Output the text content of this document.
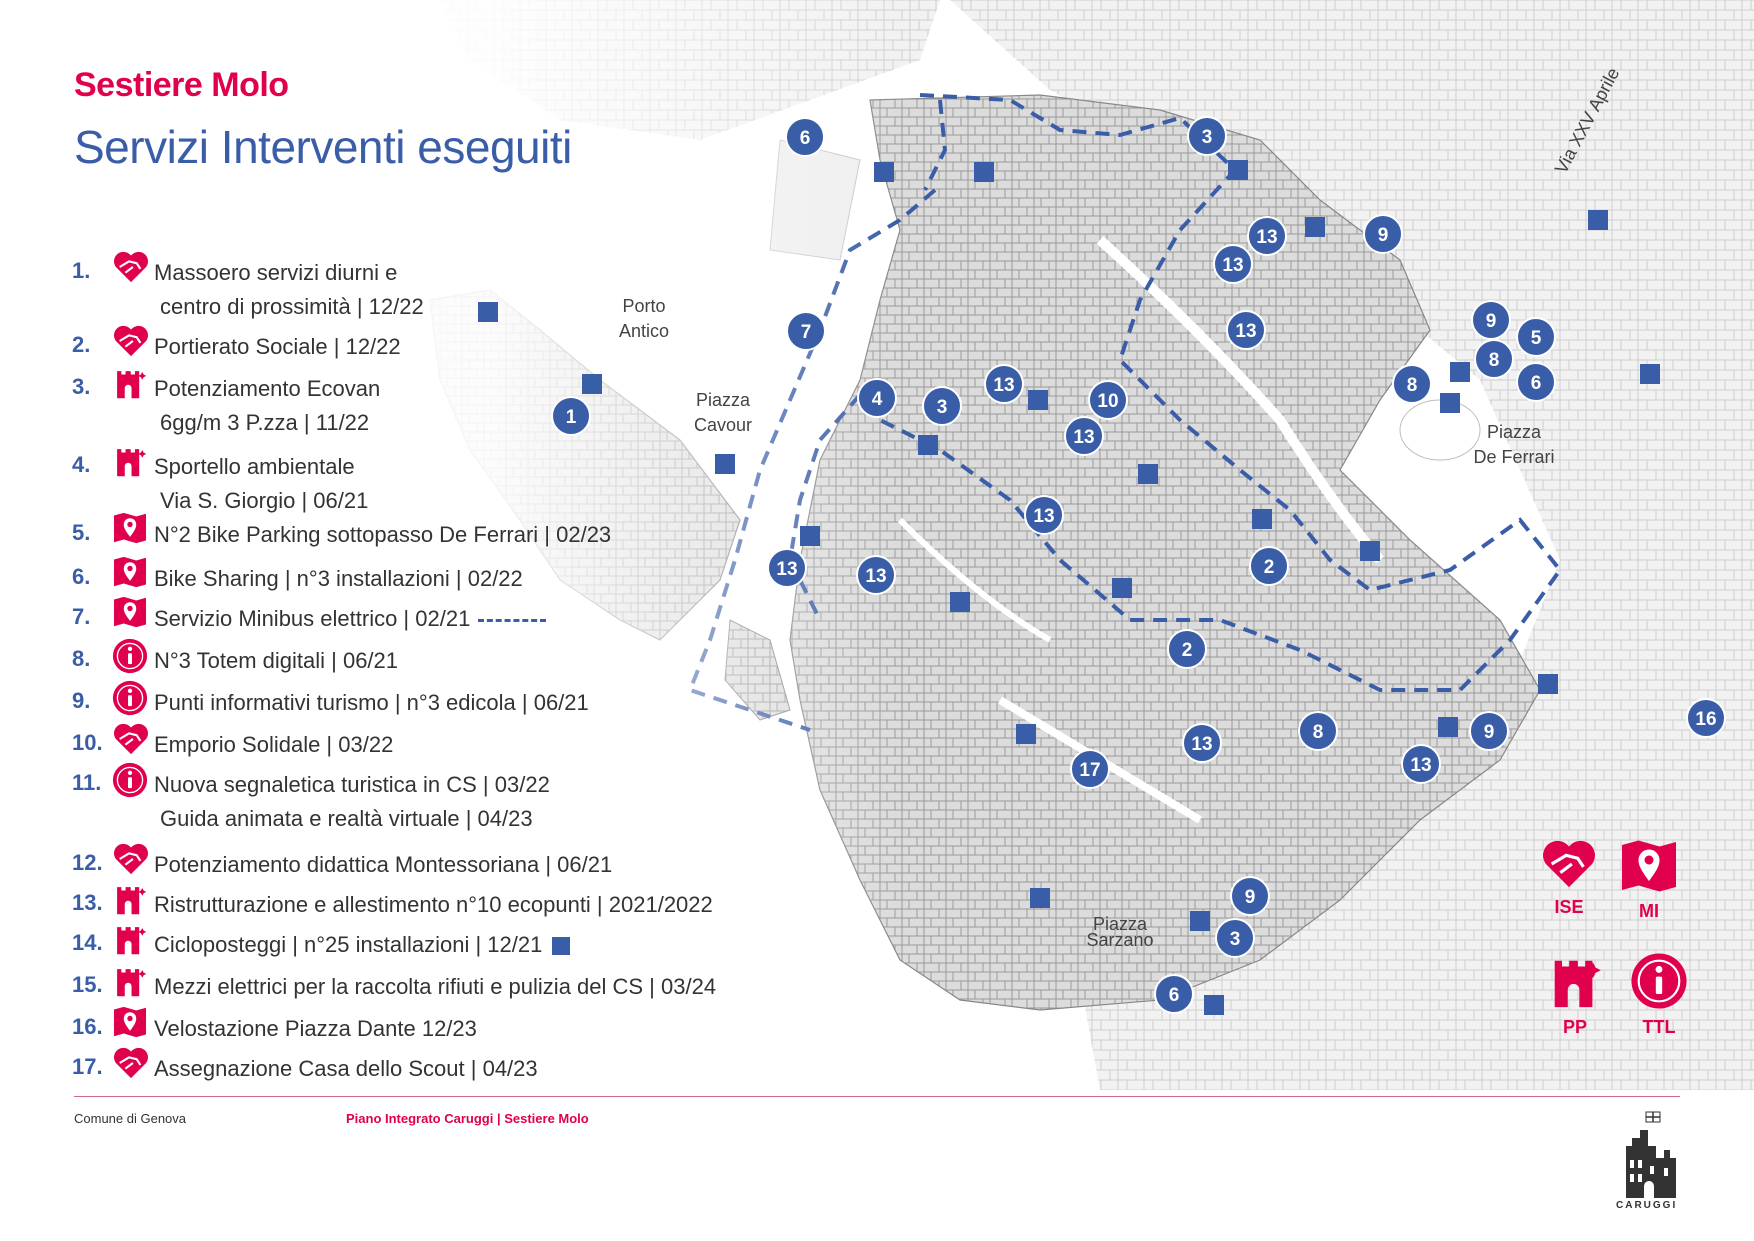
Porto Antico
Piazza Cavour	Piazza De Ferrari
Piazza Sarzano
Via XXV Aprile
6	3
13	9
13
7	13	9
5
8
6
8
1
4	3
13
10
13
13
2
13	13
2
8	9
13
13
17
9
3
6
16
Sestiere Molo
Servizi Interventi eseguiti
1.	Massoero servizi diurni e
centro di prossimità | 12/22
2.	Portierato Sociale | 12/22
3.	Potenziamento Ecovan
6gg/m 3 P.zza | 11/22
4.	Sportello ambientale
Via S. Giorgio | 06/21
5.	N°2 Bike Parking sottopasso De Ferrari | 02/23
6.	Bike Sharing | n°3 installazioni | 02/22
7.	Servizio Minibus elettrico | 02/21
8.	N°3 Totem digitali | 06/21
9.	Punti informativi turismo | n°3 edicola | 06/21
10. Emporio Solidale | 03/22
11. Nuova segnaletica turistica in CS | 03/22
Guida animata e realtà virtuale | 04/23
12. Potenziamento didattica Montessoriana | 06/21
13. Ristrutturazione e allestimento n°10 ecopunti | 2021/2022
14. Cicloposteggi | n°25 installazioni | 12/21
15. Mezzi elettrici per la raccolta rifiuti e pulizia del CS | 03/24
16. Velostazione Piazza Dante 12/23
17. Assegnazione Casa dello Scout | 04/23
ISE	MI
PP	TTL
Comune di Genova	Piano Integrato Caruggi | Sestiere Molo
CARUGGI
